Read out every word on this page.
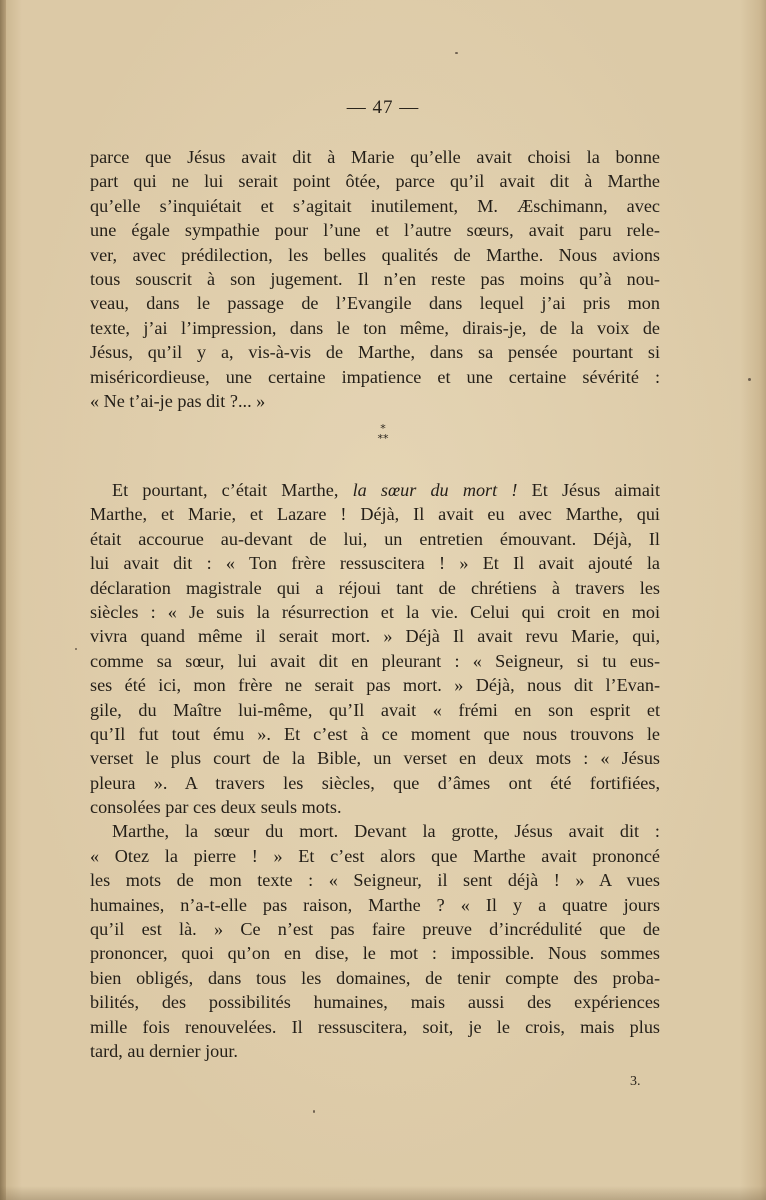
— 47 —
parce que Jésus avait dit à Marie qu’elle avait choisi la bonne
part qui ne lui serait point ôtée, parce qu’il avait dit à Marthe
qu’elle s’inquiétait et s’agitait inutilement, M. Æschimann, avec
une égale sympathie pour l’une et l’autre sœurs, avait paru rele-
ver, avec prédilection, les belles qualités de Marthe. Nous avions
tous souscrit à son jugement. Il n’en reste pas moins qu’à nou-
veau, dans le passage de l’Evangile dans lequel j’ai pris mon
texte, j’ai l’impression, dans le ton même, dirais-je, de la voix de
Jésus, qu’il y a, vis-à-vis de Marthe, dans sa pensée pourtant si
miséricordieuse, une certaine impatience et une certaine sévérité :
« Ne t’ai-je pas dit ?... »
*
**
Et pourtant, c’était Marthe, la sœur du mort ! Et Jésus aimait
Marthe, et Marie, et Lazare ! Déjà, Il avait eu avec Marthe, qui
était accourue au-devant de lui, un entretien émouvant. Déjà, Il
lui avait dit : « Ton frère ressuscitera ! » Et Il avait ajouté la
déclaration magistrale qui a réjoui tant de chrétiens à travers les
siècles : « Je suis la résurrection et la vie. Celui qui croit en moi
vivra quand même il serait mort. » Déjà Il avait revu Marie, qui,
comme sa sœur, lui avait dit en pleurant : « Seigneur, si tu eus-
ses été ici, mon frère ne serait pas mort. » Déjà, nous dit l’Evan-
gile, du Maître lui-même, qu’Il avait « frémi en son esprit et
qu’Il fut tout ému ». Et c’est à ce moment que nous trouvons le
verset le plus court de la Bible, un verset en deux mots : « Jésus
pleura ». A travers les siècles, que d’âmes ont été fortifiées,
consolées par ces deux seuls mots.
Marthe, la sœur du mort. Devant la grotte, Jésus avait dit :
« Otez la pierre ! » Et c’est alors que Marthe avait prononcé
les mots de mon texte : « Seigneur, il sent déjà ! » A vues
humaines, n’a-t-elle pas raison, Marthe ? « Il y a quatre jours
qu’il est là. » Ce n’est pas faire preuve d’incrédulité que de
prononcer, quoi qu’on en dise, le mot : impossible. Nous sommes
bien obligés, dans tous les domaines, de tenir compte des proba-
bilités, des possibilités humaines, mais aussi des expériences
mille fois renouvelées. Il ressuscitera, soit, je le crois, mais plus
tard, au dernier jour.
3.
